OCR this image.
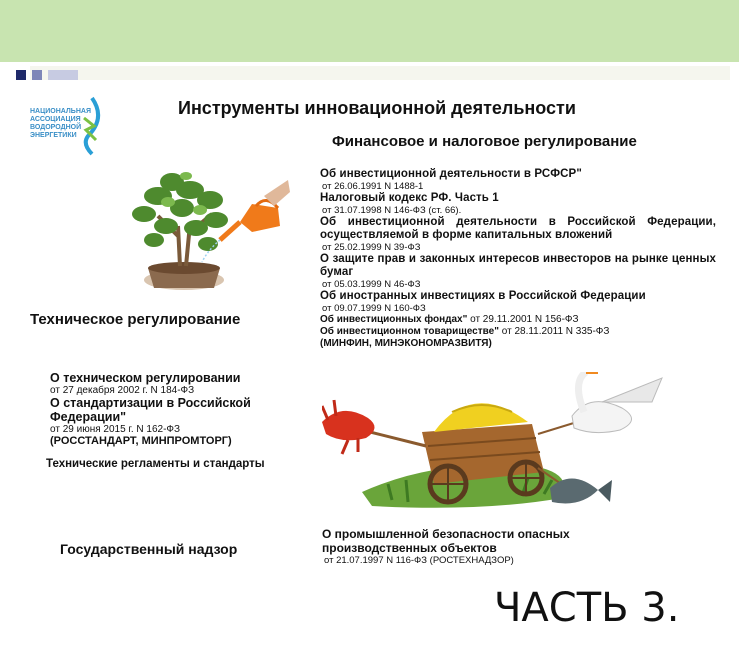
НАЦИОНАЛЬНАЯ АССОЦИАЦИЯ ВОДОРОДНОЙ ЭНЕРГЕТИКИ
Инструменты инновационной деятельности
Финансовое и налоговое регулирование
Об инвестиционной деятельности в РСФСР"
от 26.06.1991 N 1488-1
Налоговый кодекс РФ. Часть 1
от 31.07.1998 N 146-ФЗ (ст. 66).
Об инвестиционной деятельности в Российской Федерации, осуществляемой в форме капитальных вложений
от 25.02.1999 N 39-ФЗ
О защите прав и законных интересов инвесторов на рынке ценных бумаг
от 05.03.1999 N 46-ФЗ
Об иностранных инвестициях в Российской Федерации
от 09.07.1999 N 160-ФЗ
Об инвестиционных фондах" от 29.11.2001 N 156-ФЗ
Об инвестиционном товариществе" от 28.11.2011 N 335-ФЗ
(МИНФИН, МИНЭКОНОМРАЗВИТЯ)
Техническое регулирование
О техническом регулировании
от 27 декабря 2002 г. N 184-ФЗ
О стандартизации в Российской Федерации"
от 29 июня 2015 г. N 162-ФЗ
(РОССТАНДАРТ, МИНПРОМТОРГ)
Технические регламенты и стандарты
Государственный надзор
О промышленной безопасности опасных производственных объектов
от 21.07.1997 N 116-ФЗ (РОСТЕХНАДЗОР)
ЧАСТЬ 3.
